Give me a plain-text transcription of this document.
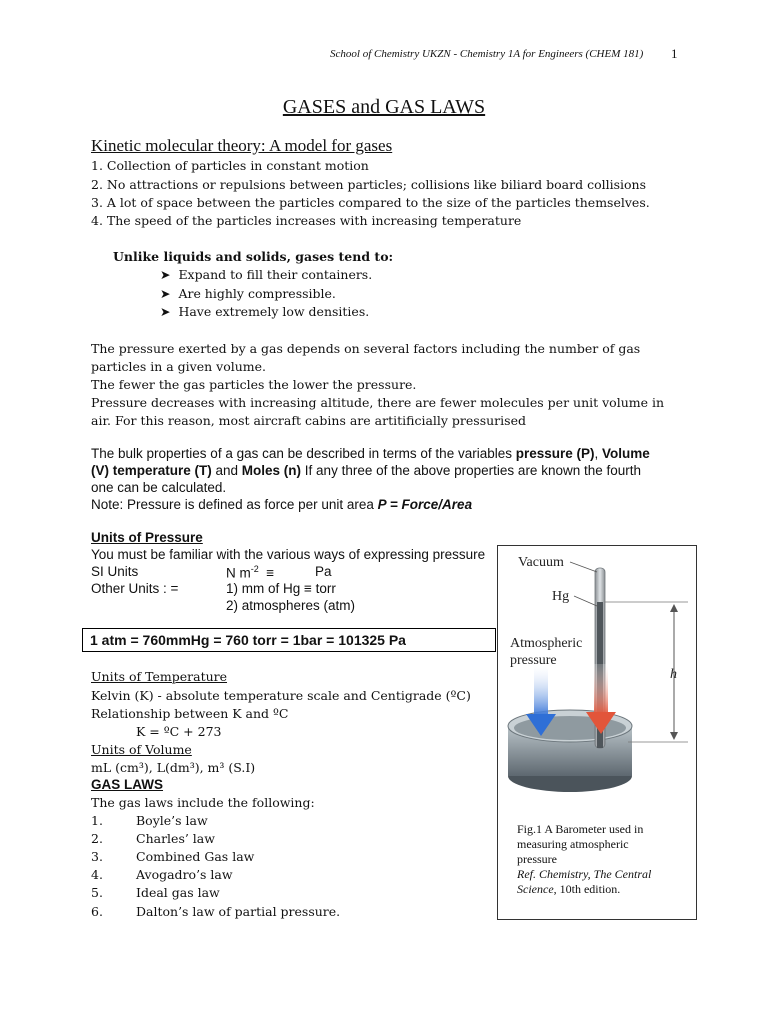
School of Chemistry UKZN - Chemistry 1A for Engineers (CHEM 181) 1
GASES and GAS LAWS
Kinetic molecular theory: A model for gases
1. Collection of particles in constant motion
2. No attractions or repulsions between particles; collisions like biliard board collisions
3. A lot of space between the particles compared to the size of the particles themselves.
4. The speed of the particles increases with increasing temperature
Unlike liquids and solids, gases tend to:
➤ Expand to fill their containers.
➤ Are highly compressible.
➤ Have extremely low densities.
The pressure exerted by a gas depends on several factors including the number of gas
particles in a given volume.
The fewer the gas particles the lower the pressure.
Pressure decreases with increasing altitude, there are fewer molecules per unit volume in
air. For this reason, most aircraft cabins are artitificially pressurised
The bulk properties of a gas can be described in terms of the variables pressure (P), Volume
(V) temperature (T) and Moles (n) If any three of the above properties are known the fourth
one can be calculated.
Note: Pressure is defined as force per unit area P = Force/Area
Units of Pressure
You must be familiar with the various ways of expressing pressure
SI Units	N $m^{-2}$ ≡	Pa
Other Units : =	1) mm of Hg ≡ torr
2) atmospheres (atm)
1 atm = 760mmHg = 760 torr = 1bar = 101325 Pa
Units of Temperature
Kelvin (K) - absolute temperature scale and Centigrade (ºC)
Relationship between K and ºC
K = ºC + 273
Units of Volume
mL (cm³), L(dm³), m³ (S.I)
GAS LAWS
The gas laws include the following:
1.	Boyle’s law
2.	Charles’ law
3.	Combined Gas law
4.	Avogadro’s law
5.	Ideal gas law
6.	Dalton’s law of partial pressure.
Vacuum
Hg
Atmospheric
pressure
h
Fig.1 A Barometer used in
measuring atmospheric
pressure
Ref. Chemistry, The Central
Science, 10th edition.
